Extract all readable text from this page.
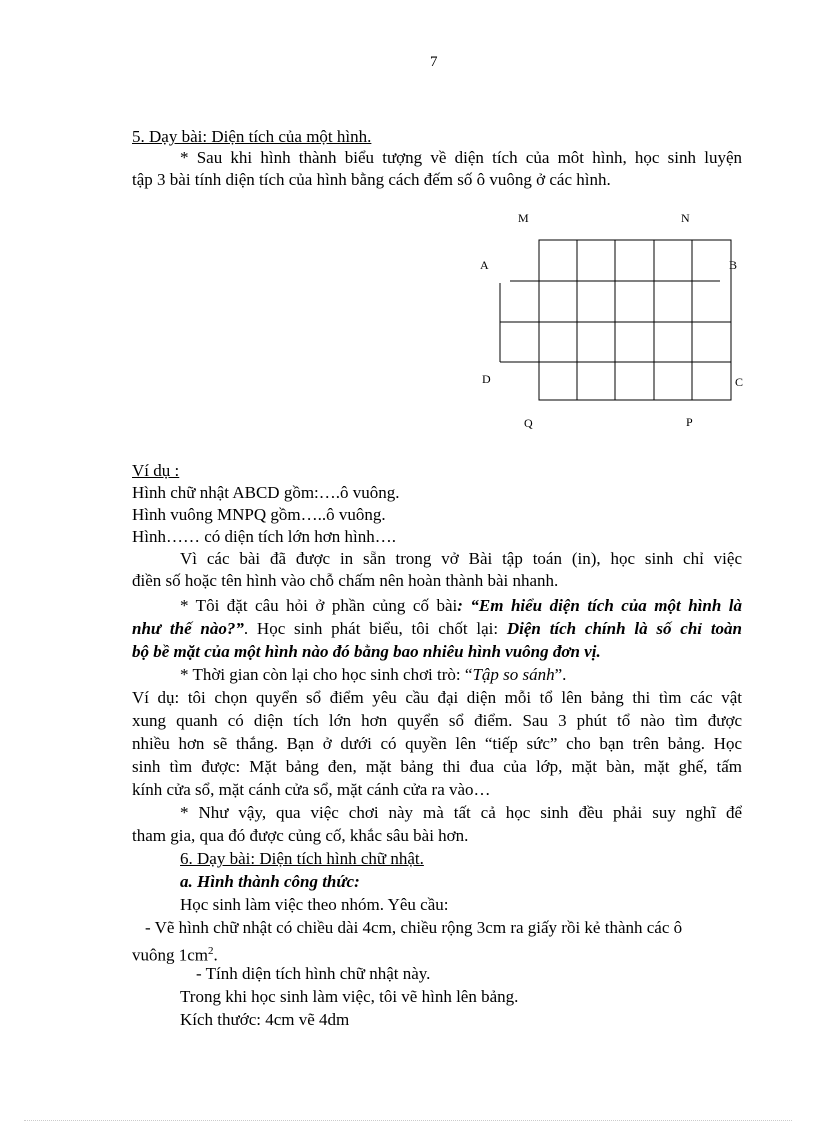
7
5. Dạy bài: Diện tích của một hình.
* Sau khi hình thành biểu tượng về diện tích của môt hình, học sinh luyện
tập 3 bài tính diện tích của hình bằng cách đếm số ô vuông ở các hình.
M	N
A	B
D	C
Q	P
Ví dụ :
Hình chữ nhật ABCD gồm:….ô vuông.
Hình vuông MNPQ gồm…..ô vuông.
Hình…… có diện tích lớn hơn hình….
Vì các bài đã được in sẵn trong vở Bài tập toán (in), học sinh chỉ việc
điền số hoặc tên hình vào chỗ chấm nên hoàn thành bài nhanh.
* Tôi đặt câu hỏi ở phần củng cố bài: “Em hiểu diện tích của một hình là
như thế nào?”. Học sinh phát biểu, tôi chốt lại: Diện tích chính là số chỉ toàn
bộ bề mặt của một hình nào đó bằng bao nhiêu hình vuông đơn vị.
* Thời gian còn lại cho học sinh chơi trò: “Tập so sánh”.
Ví dụ: tôi chọn quyển sổ điểm yêu cầu đại diện mỗi tổ lên bảng thi tìm các vật
xung quanh có diện tích lớn hơn quyển sổ điểm. Sau 3 phút tổ nào tìm được
nhiều hơn sẽ thắng. Bạn ở dưới có quyền lên “tiếp sức” cho bạn trên bảng. Học
sinh tìm được: Mặt bảng đen, mặt bảng thi đua của lớp, mặt bàn, mặt ghế, tấm
kính cửa sổ, mặt cánh cửa sổ, mặt cánh cửa ra vào…
* Như vậy, qua việc chơi này mà tất cả học sinh đều phải suy nghĩ để
tham gia, qua đó được củng cố, khắc sâu bài hơn.
6. Dạy bài: Diện tích hình chữ nhật.
a. Hình thành công thức:
Học sinh làm việc theo nhóm. Yêu cầu:
- Vẽ hình chữ nhật có chiều dài 4cm, chiều rộng 3cm ra giấy rồi kẻ thành các ô
vuông $1cm^2$.
- Tính diện tích hình chữ nhật này.
Trong khi học sinh làm việc, tôi vẽ hình lên bảng.
Kích thước: 4cm vẽ 4dm
